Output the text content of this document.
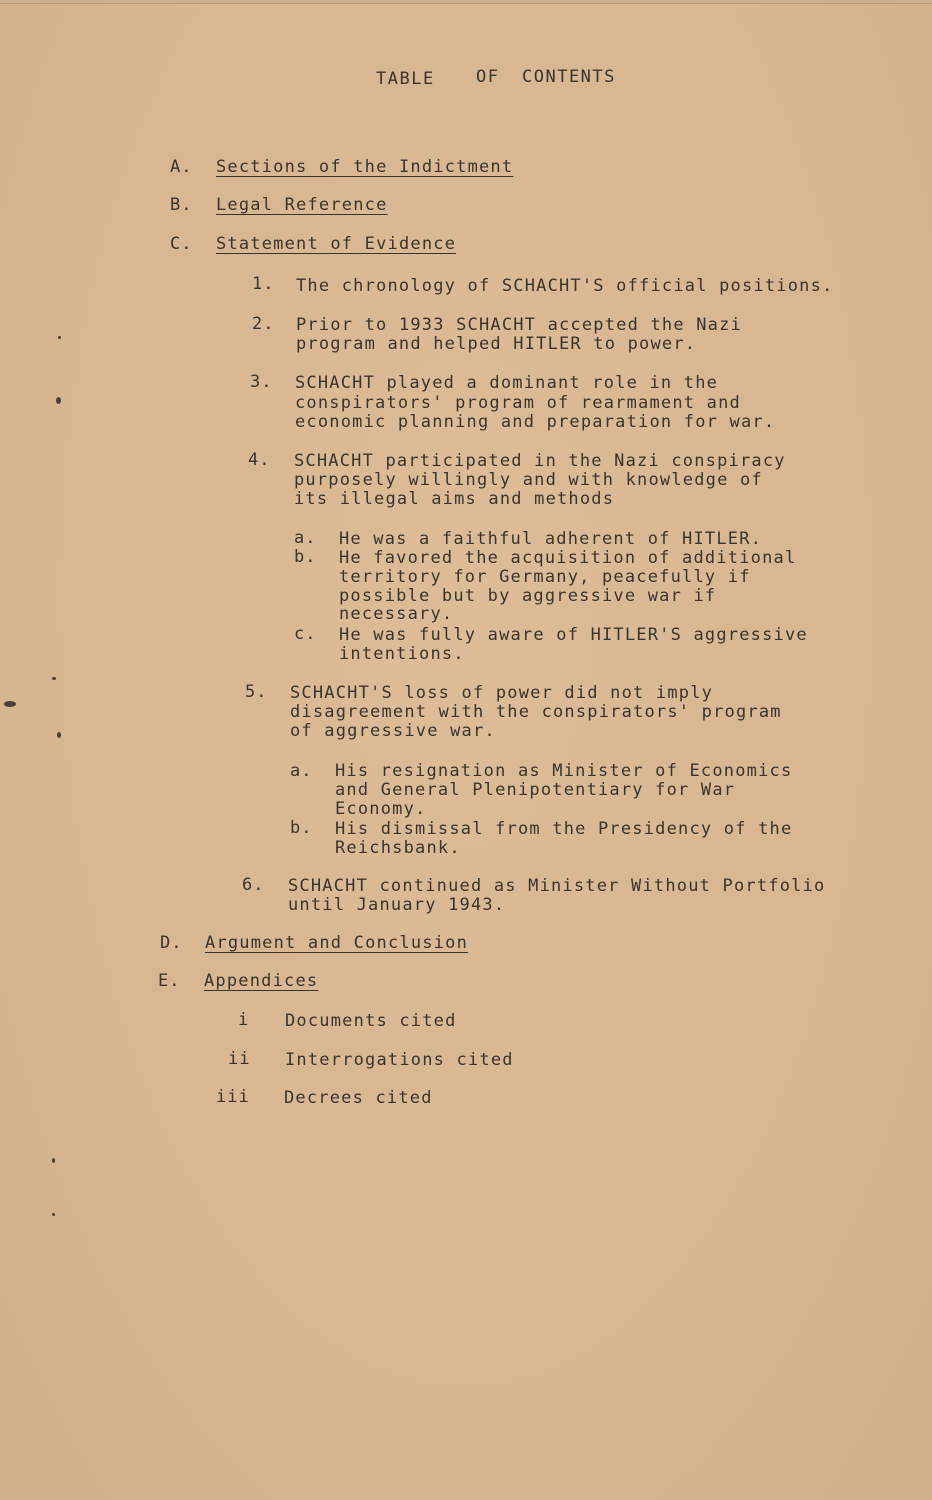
TABLE OF CONTENTS
A. Sections of the Indictment
B. Legal Reference
C. Statement of Evidence
1. The chronology of SCHACHT'S official positions.
2. Prior to 1933 SCHACHT accepted the Nazi
program and helped HITLER to power.
3. SCHACHT played a dominant role in the
conspirators' program of rearmament and
economic planning and preparation for war.
4. SCHACHT participated in the Nazi conspiracy
purposely willingly and with knowledge of
its illegal aims and methods
a. He was a faithful adherent of HITLER.
b. He favored the acquisition of additional
territory for Germany, peacefully if
possible but by aggressive war if
necessary.
c. He was fully aware of HITLER'S aggressive
intentions.
5. SCHACHT'S loss of power did not imply
disagreement with the conspirators' program
of aggressive war.
a. His resignation as Minister of Economics
and General Plenipotentiary for War
Economy.
b. His dismissal from the Presidency of the
Reichsbank.
6. SCHACHT continued as Minister Without Portfolio
until January 1943.
D. Argument and Conclusion
E. Appendices
i Documents cited
ii Interrogations cited
iii Decrees cited
